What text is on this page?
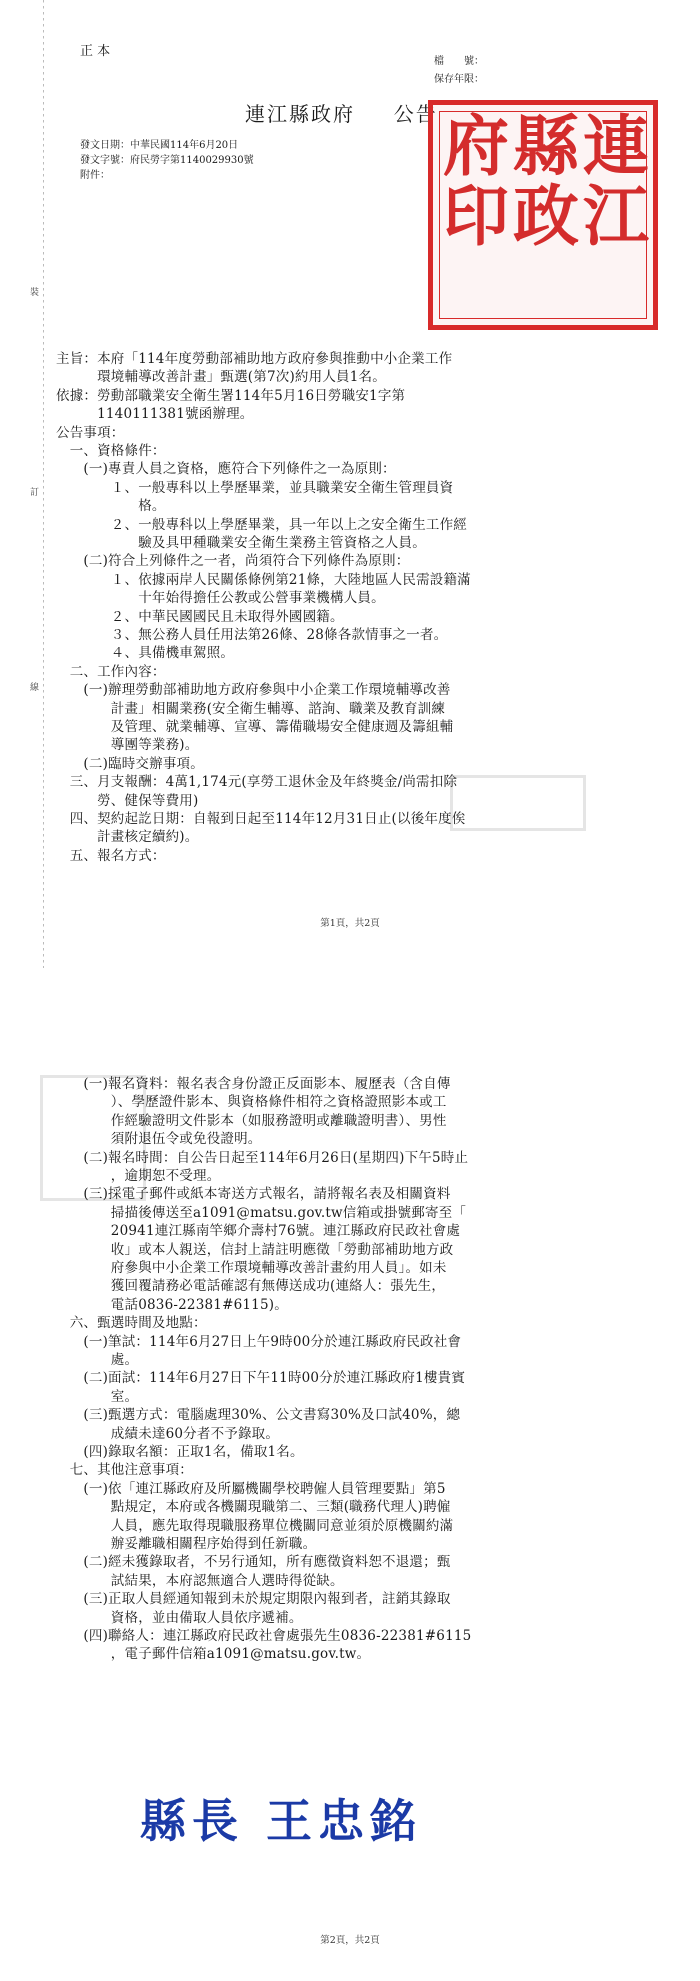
正 本
檔　　號：
保存年限：
裝
訂
線
連江縣政府 公告
發文日期：中華民國114年6月20日
發文字號：府民勞字第1140029930號
附件：	連
江
縣
政
府
印
主旨：本府「114年度勞動部補助地方政府參與推動中小企業工作
　　　環境輔導改善計畫」甄選(第7次)約用人員1名。
依據：勞動部職業安全衛生署114年5月16日勞職安1字第
　　　1140111381號函辦理。
公告事項：
　一、資格條件：
　　(一)專責人員之資格，應符合下列條件之一為原則：
　　　　１、一般專科以上學歷畢業，並具職業安全衛生管理員資
　　　　　　格。
　　　　２、一般專科以上學歷畢業，具一年以上之安全衛生工作經
　　　　　　驗及具甲種職業安全衛生業務主管資格之人員。
　　(二)符合上列條件之一者，尚須符合下列條件為原則：
　　　　１、依據兩岸人民關係條例第21條，大陸地區人民需設籍滿
　　　　　　十年始得擔任公教或公營事業機構人員。
　　　　２、中華民國國民且未取得外國國籍。
　　　　３、無公務人員任用法第26條、28條各款情事之一者。
　　　　４、具備機車駕照。
　二、工作內容：
　　(一)辦理勞動部補助地方政府參與中小企業工作環境輔導改善
　　　　計畫」相關業務(安全衛生輔導、諮詢、職業及教育訓練
　　　　及管理、就業輔導、宣導、籌備職場安全健康週及籌組輔
　　　　導團等業務)。
　　(二)臨時交辦事項。
　三、月支報酬：4萬1,174元(享勞工退休金及年終獎金/尚需扣除
　　　勞、健保等費用)
　四、契約起訖日期：自報到日起至114年12月31日止(以後年度俟
　　　計畫核定續約)。
　五、報名方式：
第1頁，共2頁
　　(一)報名資料：報名表含身份證正反面影本、履歷表（含自傳
　　　　）、學歷證件影本、與資格條件相符之資格證照影本或工
　　　　作經驗證明文件影本（如服務證明或離職證明書）、男性
　　　　須附退伍令或免役證明。
　　(二)報名時間：自公告日起至114年6月26日(星期四)下午5時止
　　　　，逾期恕不受理。
　　(三)採電子郵件或紙本寄送方式報名，請將報名表及相關資料
　　　　掃描後傳送至a1091@matsu.gov.tw信箱或掛號郵寄至「
　　　　20941連江縣南竿鄉介壽村76號。連江縣政府民政社會處
　　　　收」或本人親送，信封上請註明應徵「勞動部補助地方政
　　　　府參與中小企業工作環境輔導改善計畫約用人員」。如未
　　　　獲回覆請務必電話確認有無傳送成功(連絡人：張先生，
　　　　電話0836-22381#6115)。
　六、甄選時間及地點：
　　(一)筆試：114年6月27日上午9時00分於連江縣政府民政社會
　　　　處。
　　(二)面試：114年6月27日下午11時00分於連江縣政府1樓貴賓
　　　　室。
　　(三)甄選方式：電腦處理30%、公文書寫30%及口試40%，總
　　　　成績未達60分者不予錄取。
　　(四)錄取名額：正取1名，備取1名。
　七、其他注意事項：
　　(一)依「連江縣政府及所屬機關學校聘僱人員管理要點」第5
　　　　點規定，本府或各機關現職第二、三類(職務代理人)聘僱
　　　　人員，應先取得現職服務單位機關同意並須於原機關約滿
　　　　辦妥離職相關程序始得到任新職。
　　(二)經未獲錄取者，不另行通知，所有應徵資料恕不退還；甄
　　　　試結果，本府認無適合人選時得從缺。
　　(三)正取人員經通知報到未於規定期限內報到者，註銷其錄取
　　　　資格，並由備取人員依序遞補。
　　(四)聯絡人：連江縣政府民政社會處張先生0836-22381#6115
　　　　，電子郵件信箱a1091@matsu.gov.tw。
縣長 王忠銘
第2頁，共2頁
